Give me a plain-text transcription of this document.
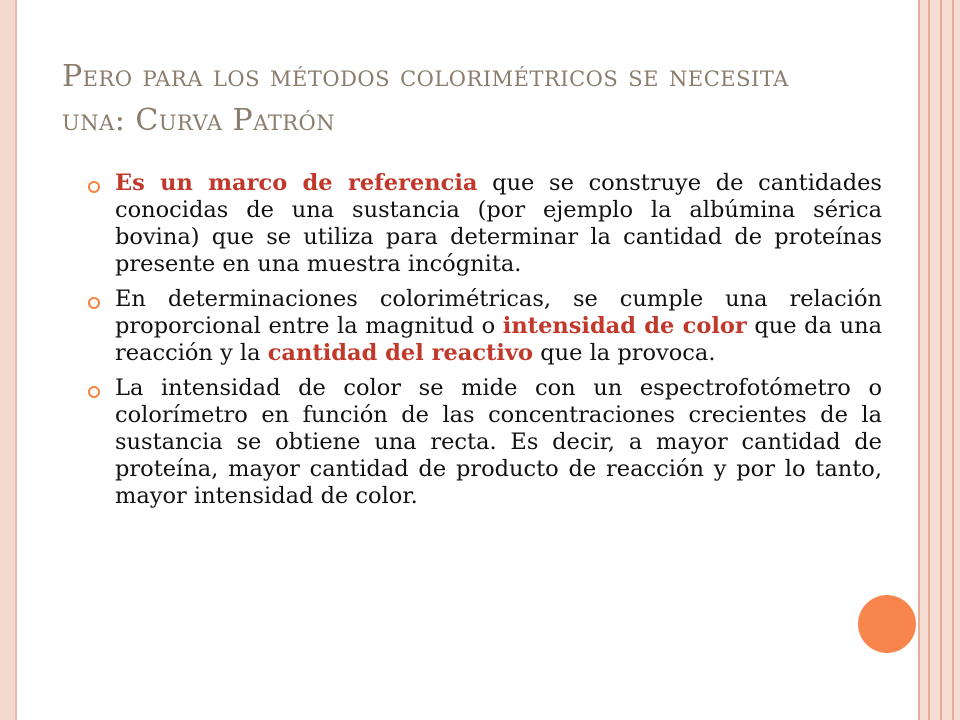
Pero para los métodos colorimétricos se necesita una: Curva Patrón
Es un marco de referencia que se construye de cantidades conocidas de una sustancia (por ejemplo la albúmina sérica bovina) que se utiliza para determinar la cantidad de proteínas presente en una muestra incógnita.
En determinaciones colorimétricas, se cumple una relación proporcional entre la magnitud o intensidad de color que da una reacción y la cantidad del reactivo que la provoca.
La intensidad de color se mide con un espectrofotómetro o colorímetro en función de las concentraciones crecientes de la sustancia se obtiene una recta. Es decir, a mayor cantidad de proteína, mayor cantidad de producto de reacción y por lo tanto, mayor intensidad de color.
